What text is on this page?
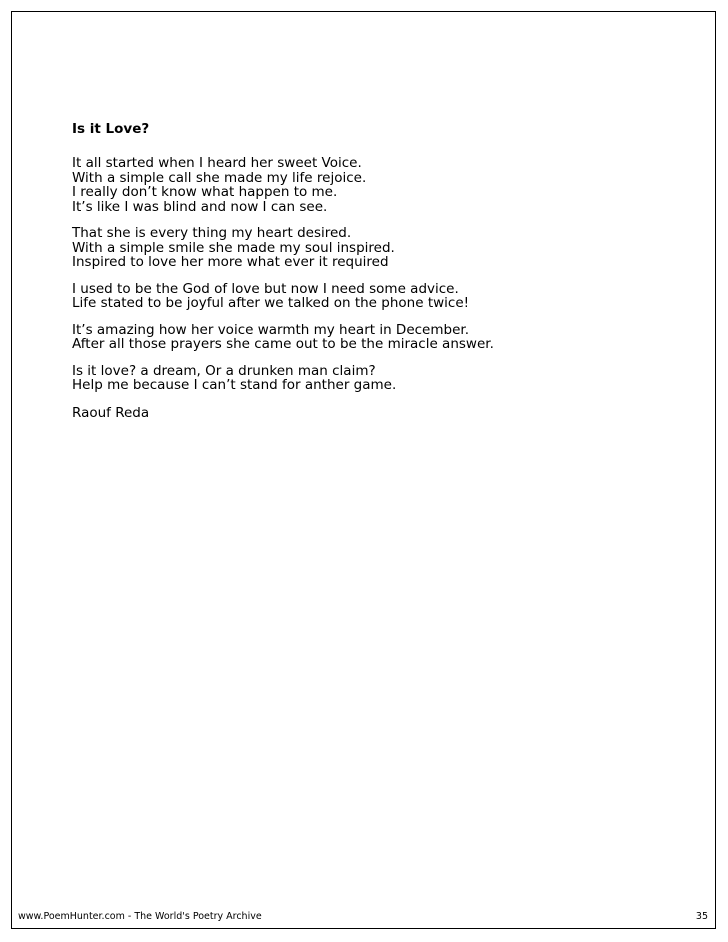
Is it Love?
It all started when I heard her sweet Voice.
With a simple call she made my life rejoice.
I really don’t know what happen to me.
It’s like I was blind and now I can see.
That she is every thing my heart desired.
With a simple smile she made my soul inspired.
Inspired to love her more what ever it required
I used to be the God of love but now I need some advice.
Life stated to be joyful after we talked on the phone twice!
It’s amazing how her voice warmth my heart in December.
After all those prayers she came out to be the miracle answer.
Is it love? a dream, Or a drunken man claim?
Help me because I can’t stand for anther game.
Raouf Reda
www.PoemHunter.com - The World's Poetry Archive	35
